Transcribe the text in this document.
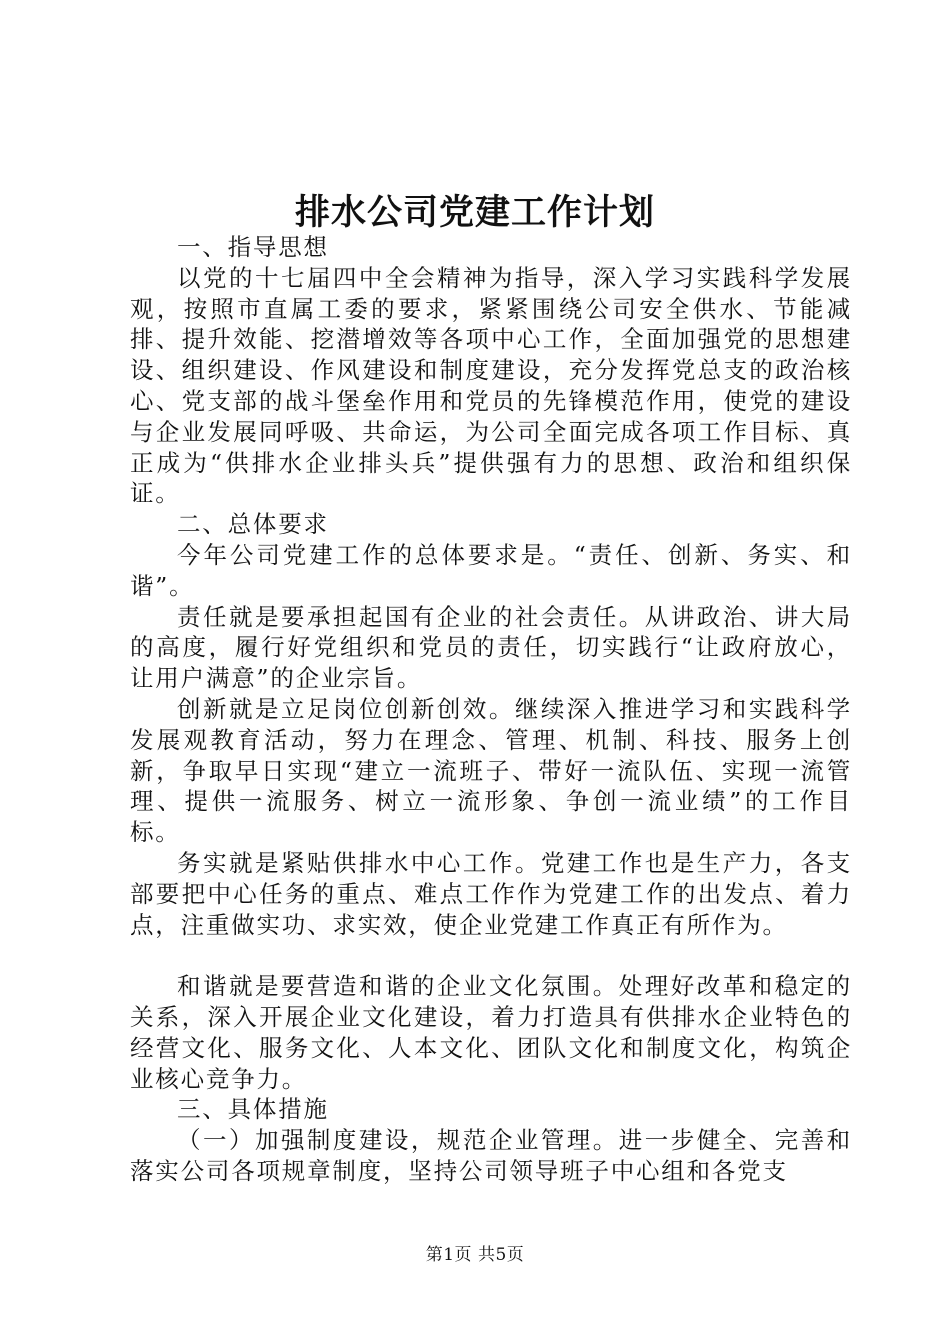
排水公司党建工作计划

一、指导思想

以党的十七届四中全会精神为指导，深入学习实践科学发展观，按照市直属工委的要求，紧紧围绕公司安全供水、节能减排、提升效能、挖潜增效等各项中心工作，全面加强党的思想建设、组织建设、作风建设和制度建设，充分发挥党总支的政治核心、党支部的战斗堡垒作用和党员的先锋模范作用，使党的建设与企业发展同呼吸、共命运，为公司全面完成各项工作目标、真正成为“供排水企业排头兵”提供强有力的思想、政治和组织保证。

二、总体要求

今年公司党建工作的总体要求是。“责任、创新、务实、和谐”。

责任就是要承担起国有企业的社会责任。从讲政治、讲大局的高度，履行好党组织和党员的责任，切实践行“让政府放心，让用户满意”的企业宗旨。

创新就是立足岗位创新创效。继续深入推进学习和实践科学发展观教育活动，努力在理念、管理、机制、科技、服务上创新，争取早日实现“建立一流班子、带好一流队伍、实现一流管理、提供一流服务、树立一流形象、争创一流业绩”的工作目标。

务实就是紧贴供排水中心工作。党建工作也是生产力，各支部要把中心任务的重点、难点工作作为党建工作的出发点、着力点，注重做实功、求实效，使企业党建工作真正有所作为。

和谐就是要营造和谐的企业文化氛围。处理好改革和稳定的关系，深入开展企业文化建设，着力打造具有供排水企业特色的经营文化、服务文化、人本文化、团队文化和制度文化，构筑企业核心竞争力。

三、具体措施

（一）加强制度建设，规范企业管理。进一步健全、完善和落实公司各项规章制度，坚持公司领导班子中心组和各党支

第1页 共5页
